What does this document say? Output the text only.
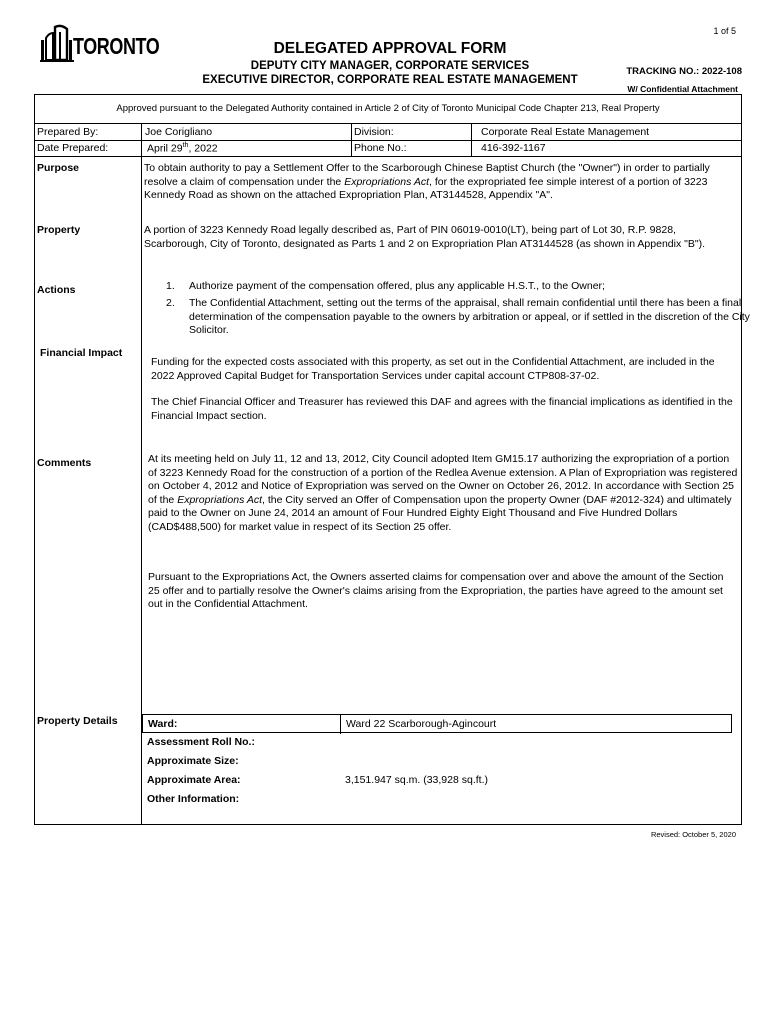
1 of 5
TORONTO	DELEGATED APPROVAL FORM
DEPUTY CITY MANAGER, CORPORATE SERVICES
EXECUTIVE DIRECTOR, CORPORATE REAL ESTATE MANAGEMENT
TRACKING NO.: 2022-108
W/ Confidential Attachment
Approved pursuant to the Delegated Authority contained in Article 2 of City of Toronto Municipal Code Chapter 213, Real Property
Prepared By:	Joe Corigliano	Division:	Corporate Real Estate Management
Date Prepared:	April 29th, 2022	Phone No.:	416-392-1167
Purpose	To obtain authority to pay a Settlement Offer to the Scarborough Chinese Baptist Church (the "Owner") in order to partially resolve a claim of compensation under the Expropriations Act, for the expropriated fee simple interest of a portion of 3223 Kennedy Road as shown on the attached Expropriation Plan, AT3144528, Appendix "A".
Property	A portion of 3223 Kennedy Road legally described as, Part of PIN 06019-0010(LT), being part of Lot 30, R.P. 9828, Scarborough, City of Toronto, designated as Parts 1 and 2 on Expropriation Plan AT3144528 (as shown in Appendix "B").
Actions	1. Authorize payment of the compensation offered, plus any applicable H.S.T., to the Owner;
2. The Confidential Attachment, setting out the terms of the appraisal, shall remain confidential until there has been a final determination of the compensation payable to the owners by arbitration or appeal, or if settled in the discretion of the City Solicitor.
Financial Impact
Funding for the expected costs associated with this property, as set out in the Confidential Attachment, are included in the 2022 Approved Capital Budget for Transportation Services under capital account CTP808-37-02.
The Chief Financial Officer and Treasurer has reviewed this DAF and agrees with the financial implications as identified in the Financial Impact section.
Comments	At its meeting held on July 11, 12 and 13, 2012, City Council adopted Item GM15.17 authorizing the expropriation of a portion of 3223 Kennedy Road for the construction of a portion of the Redlea Avenue extension. A Plan of Expropriation was registered on October 4, 2012 and Notice of Expropriation was served on the Owner on October 26, 2012. In accordance with Section 25 of the Expropriations Act, the City served an Offer of Compensation upon the property Owner (DAF #2012-324) and ultimately paid to the Owner on June 24, 2014 an amount of Four Hundred Eighty Eight Thousand and Five Hundred Dollars (CAD$488,500) for market value in respect of its Section 25 offer.
Pursuant to the Expropriations Act, the Owners asserted claims for compensation over and above the amount of the Section 25 offer and to partially resolve the Owner's claims arising from the Expropriation, the parties have agreed to the amount set out in the Confidential Attachment.
Property Details	Ward:	Ward 22 Scarborough-Agincourt
Assessment Roll No.:
Approximate Size:
Approximate Area:	3,151.947 sq.m. (33,928 sq.ft.)
Other Information:
Revised: October 5, 2020
